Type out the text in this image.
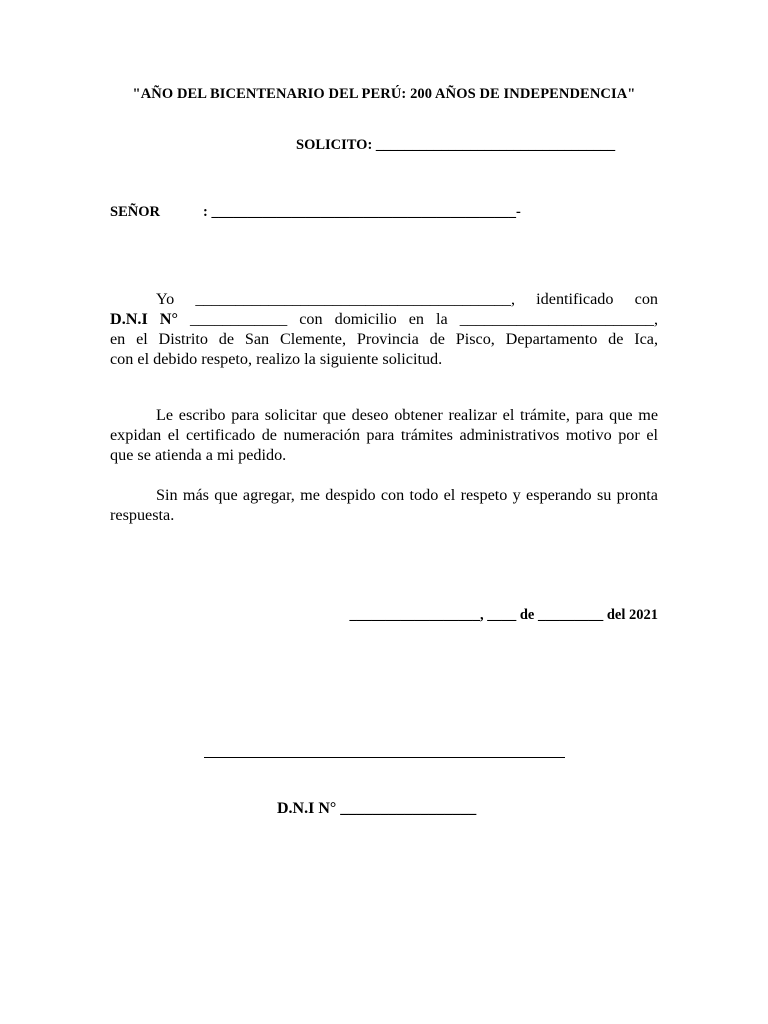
"AÑO DEL BICENTENARIO DEL PERÚ: 200 AÑOS DE INDEPENDENCIA"
SOLICITO: _________________________________
SEÑOR	: __________________________________________-
Yo _______________________________________, identificado con
D.N.I N° ____________ con domicilio en la ________________________,
en el Distrito de San Clemente, Provincia de Pisco, Departamento de Ica,
con el debido respeto, realizo la siguiente solicitud.
Le escribo para solicitar que deseo obtener realizar el trámite, para que me expidan el certificado de numeración para trámites administrativos motivo por el que se atienda a mi pedido.
Sin más que agregar, me despido con todo el respeto y esperando su pronta respuesta.
__________________, ____ de _________ del 2021
D.N.I N° _________________
